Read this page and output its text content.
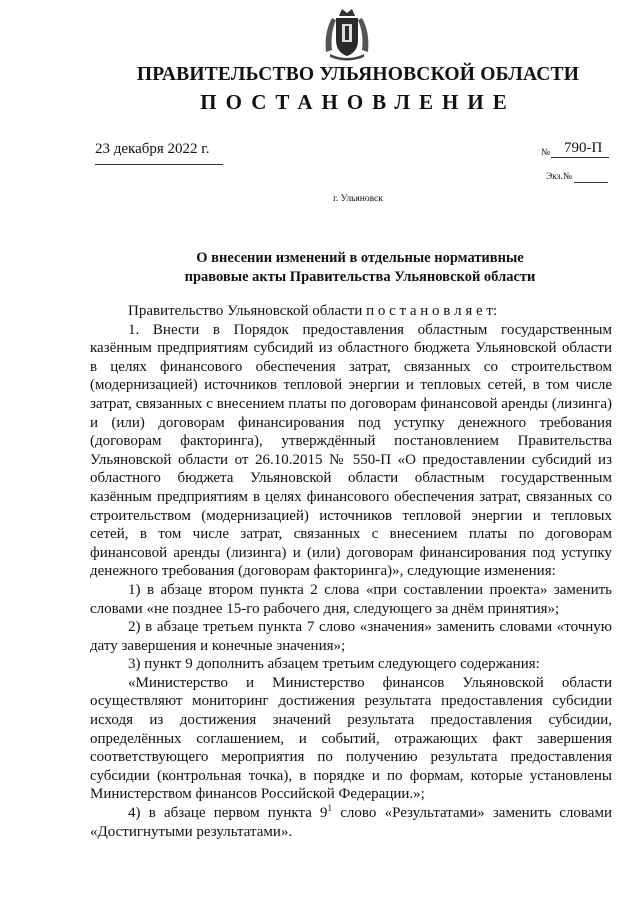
ПРАВИТЕЛЬСТВО УЛЬЯНОВСКОЙ ОБЛАСТИ
ПОСТАНОВЛЕНИЕ
23 декабря 2022 г.	№ 790-П
Экз.№
г. Ульяновск
О внесении изменений в отдельные нормативные
правовые акты Правительства Ульяновской области

Правительство Ульяновской области п о с т а н о в л я е т:

1. Внести в Порядок предоставления областным государственным казённым предприятиям субсидий из областного бюджета Ульяновской области в целях финансового обеспечения затрат, связанных со строительством (модернизацией) источников тепловой энергии и тепловых сетей, в том числе затрат, связанных с внесением платы по договорам финансовой аренды (лизинга) и (или) договорам финансирования под уступку денежного требования (договорам факторинга), утверждённый постановлением Правительства Ульяновской области от 26.10.2015 № 550-П «О предоставлении субсидий из областного бюджета Ульяновской области областным государственным казённым предприятиям в целях финансового обеспечения затрат, связанных со строительством (модернизацией) источников тепловой энергии и тепловых сетей, в том числе затрат, связанных с внесением платы по договорам финансовой аренды (лизинга) и (или) договорам финансирования под уступку денежного требования (договорам факторинга)», следующие изменения:

1) в абзаце втором пункта 2 слова «при составлении проекта» заменить словами «не позднее 15-го рабочего дня, следующего за днём принятия»;

2) в абзаце третьем пункта 7 слово «значения» заменить словами «точную дату завершения и конечные значения»;

3) пункт 9 дополнить абзацем третьим следующего содержания:

«Министерство и Министерство финансов Ульяновской области осуществляют мониторинг достижения результата предоставления субсидии исходя из достижения значений результата предоставления субсидии, определённых соглашением, и событий, отражающих факт завершения соответствующего мероприятия по получению результата предоставления субсидии (контрольная точка), в порядке и по формам, которые установлены Министерством финансов Российской Федерации.»;

4) в абзаце первом пункта $9^1$ слово «Результатами» заменить словами «Достигнутыми результатами».
